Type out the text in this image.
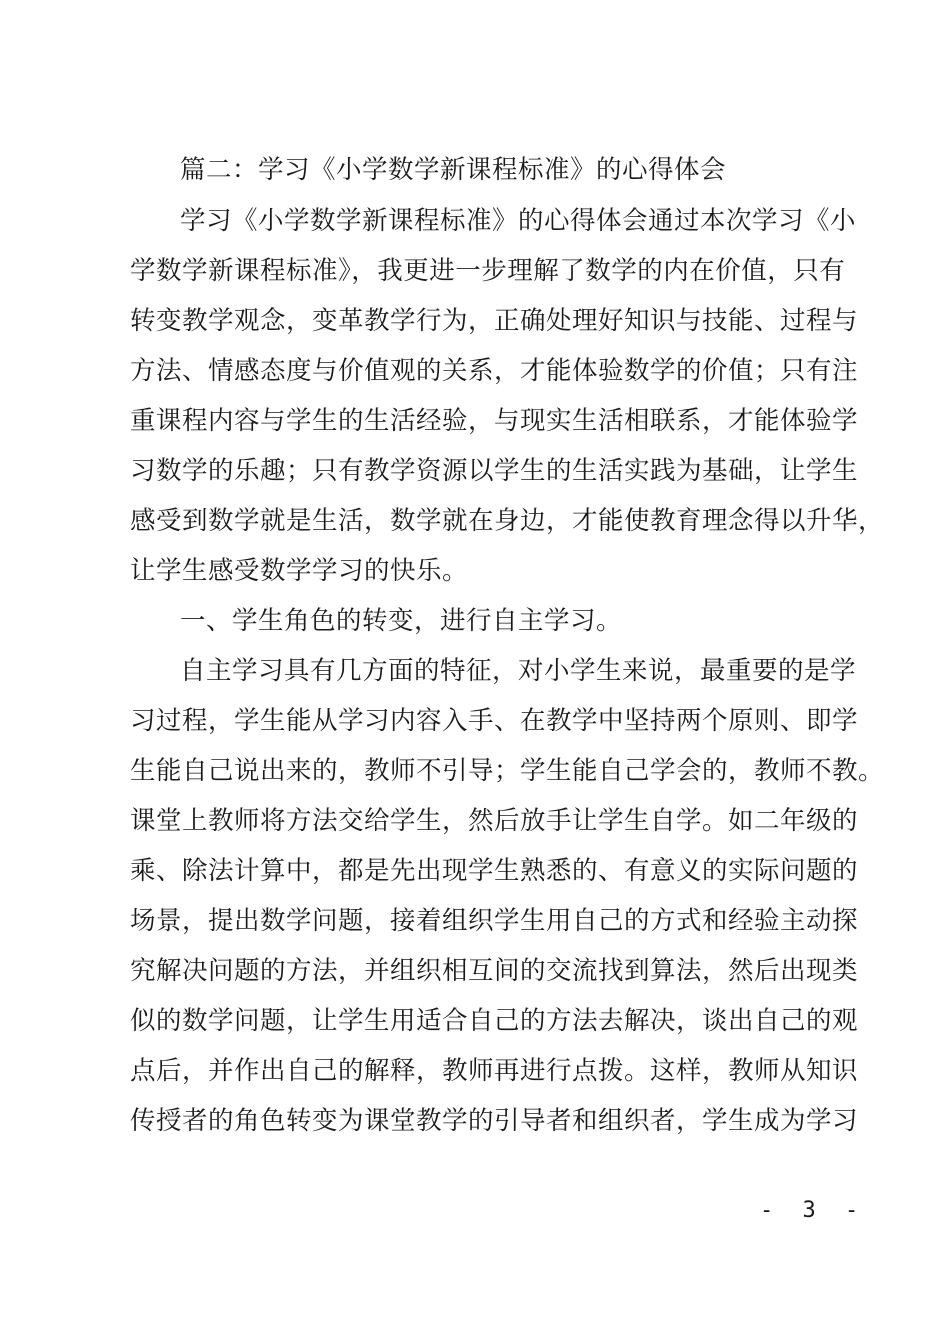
篇二：学习《小学数学新课程标准》的心得体会
学习《小学数学新课程标准》的心得体会通过本次学习《小
学数学新课程标准》，我更进一步理解了数学的内在价值，只有
转变教学观念，变革教学行为，正确处理好知识与技能、过程与
方法、情感态度与价值观的关系，才能体验数学的价值；只有注
重课程内容与学生的生活经验，与现实生活相联系，才能体验学
习数学的乐趣；只有教学资源以学生的生活实践为基础，让学生
感受到数学就是生活，数学就在身边，才能使教育理念得以升华，
让学生感受数学学习的快乐。
一、学生角色的转变，进行自主学习。
自主学习具有几方面的特征，对小学生来说，最重要的是学
习过程，学生能从学习内容入手、在教学中坚持两个原则、即学
生能自己说出来的，教师不引导；学生能自己学会的，教师不教。
课堂上教师将方法交给学生，然后放手让学生自学。如二年级的
乘、除法计算中，都是先出现学生熟悉的、有意义的实际问题的
场景，提出数学问题，接着组织学生用自己的方式和经验主动探
究解决问题的方法，并组织相互间的交流找到算法，然后出现类
似的数学问题，让学生用适合自己的方法去解决，谈出自己的观
点后，并作出自己的解释，教师再进行点拨。这样，教师从知识
传授者的角色转变为课堂教学的引导者和组织者，学生成为学习
- 3 -
